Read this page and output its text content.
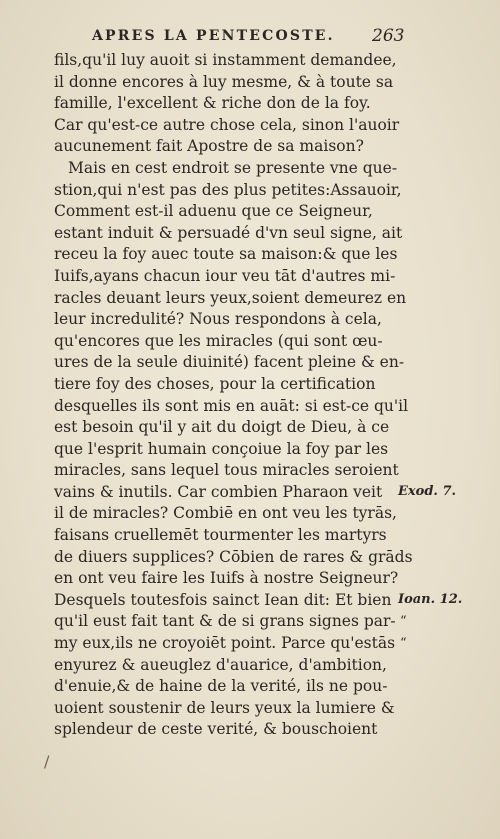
APRES LA PENTECOSTE. 263
fils,qu'il luy auoit si instamment demandee,
il donne encores à luy mesme, & à toute sa
famille, l'excellent & riche don de la foy.
Car qu'est-ce autre chose cela, sinon l'auoir
aucunement fait Apostre de sa maison?
Mais en cest endroit se presente vne que-
stion,qui n'est pas des plus petites:Assauoir,
Comment est-il aduenu que ce Seigneur,
estant induit & persuadé d'vn seul signe, ait
receu la foy auec toute sa maison:& que les
Iuifs,ayans chacun iour veu tāt d'autres mi-
racles deuant leurs yeux,soient demeurez en
leur incredulité? Nous respondons à cela,
qu'encores que les miracles (qui sont œu-
ures de la seule diuinité) facent pleine & en-
tiere foy des choses, pour la certification
desquelles ils sont mis en auāt: si est-ce qu'il
est besoin qu'il y ait du doigt de Dieu, à ce
que l'esprit humain conçoiue la foy par les
miracles, sans lequel tous miracles seroient
vains & inutils. Car combien Pharaon veit
il de miracles? Combiē en ont veu les tyrās,
faisans cruellemēt tourmenter les martyrs
de diuers supplices? Cōbien de rares & grāds
en ont veu faire les Iuifs à nostre Seigneur?
Desquels toutesfois sainct Iean dit: Et bien
qu'il eust fait tant & de si grans signes par-
my eux,ils ne croyoiēt point. Parce qu'estās
enyurez & aueuglez d'auarice, d'ambition,
d'enuie,& de haine de la verité, ils ne pou-
uoient soustenir de leurs yeux la lumiere &
splendeur de ceste verité, & bouschoient
Exod. 7.
Ioan. 12.
“
“
/
